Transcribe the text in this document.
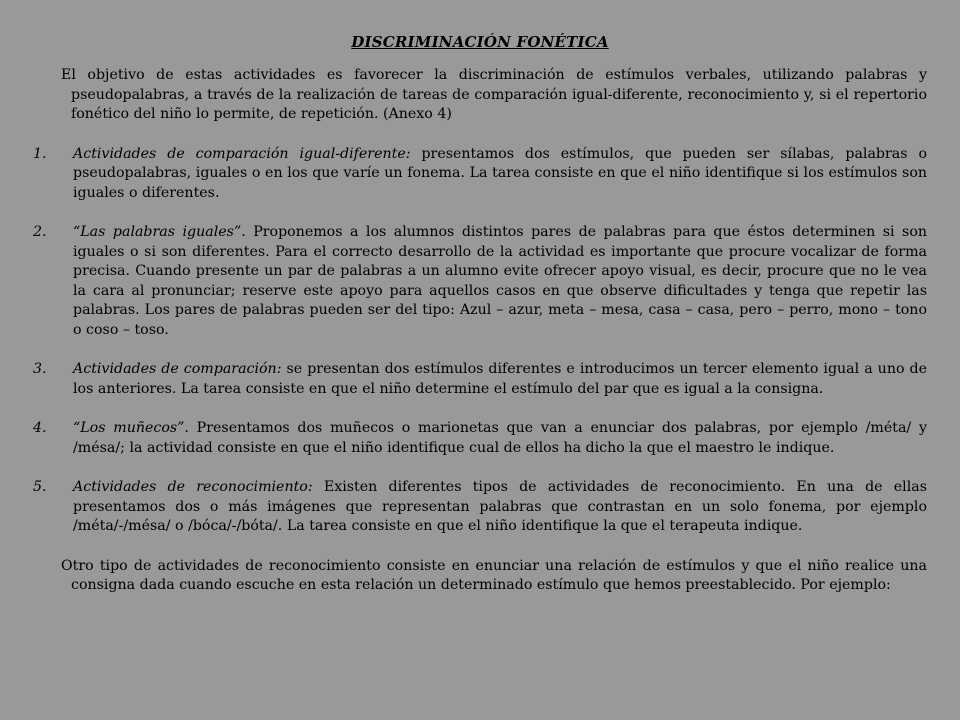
DISCRIMINACIÓN FONÉTICA

El objetivo de estas actividades es favorecer la discriminación de estímulos verbales, utilizando palabras y pseudopalabras, a través de la realización de tareas de comparación igual-diferente, reconocimiento y, si el repertorio fonético del niño lo permite, de repetición. (Anexo 4)

1.	Actividades de comparación igual-diferente: presentamos dos estímulos, que pueden ser sílabas, palabras o pseudopalabras, iguales o en los que varíe un fonema. La tarea consiste en que el niño identifique si los estímulos son iguales o diferentes.
2.	“Las palabras iguales”. Proponemos a los alumnos distintos pares de palabras para que éstos determinen si son iguales o si son diferentes. Para el correcto desarrollo de la actividad es importante que procure vocalizar de forma precisa. Cuando presente un par de palabras a un alumno evite ofrecer apoyo visual, es decir, procure que no le vea la cara al pronunciar; reserve este apoyo para aquellos casos en que observe dificultades y tenga que repetir las palabras. Los pares de palabras pueden ser del tipo: Azul – azur, meta – mesa, casa – casa, pero – perro, mono – tono o coso – toso.
3.	Actividades de comparación: se presentan dos estímulos diferentes e introducimos un tercer elemento igual a uno de los anteriores. La tarea consiste en que el niño determine el estímulo del par que es igual a la consigna.
4.	“Los muñecos”. Presentamos dos muñecos o marionetas que van a enunciar dos palabras, por ejemplo /méta/ y /mésa/; la actividad consiste en que el niño identifique cual de ellos ha dicho la que el maestro le indique.
5.	Actividades de reconocimiento: Existen diferentes tipos de actividades de reconocimiento. En una de ellas presentamos dos o más imágenes que representan palabras que contrastan en un solo fonema, por ejemplo /méta/-/mésa/ o /bóca/-/bóta/. La tarea consiste en que el niño identifique la que el terapeuta indique.

Otro tipo de actividades de reconocimiento consiste en enunciar una relación de estímulos y que el niño realice una consigna dada cuando escuche en esta relación un determinado estímulo que hemos preestablecido. Por ejemplo:
